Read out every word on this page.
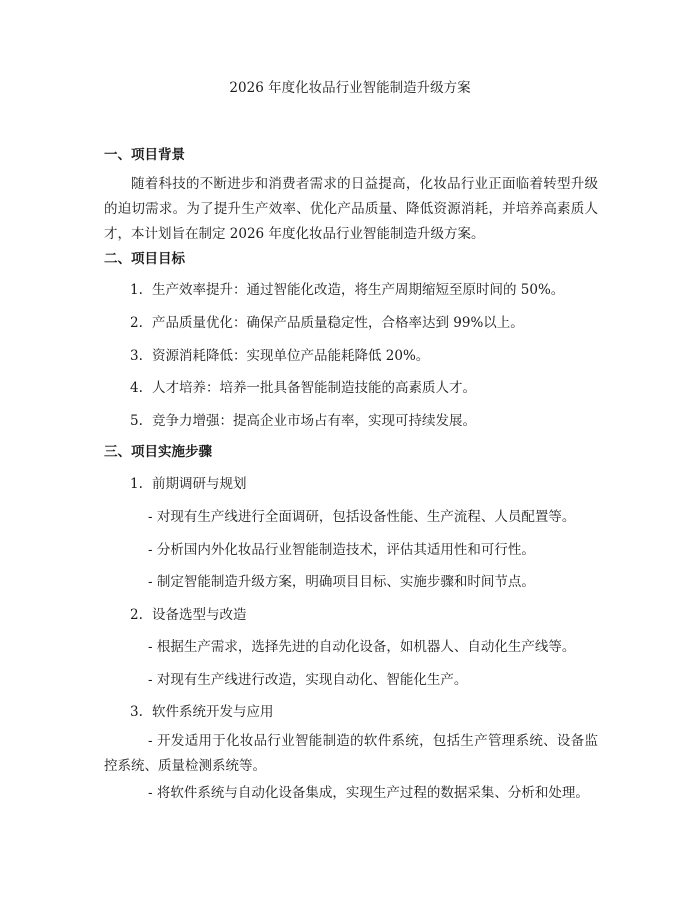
2026 年度化妆品行业智能制造升级方案
一、项目背景

随着科技的不断进步和消费者需求的日益提高，化妆品行业正面临着转型升级的迫切需求。为了提升生产效率、优化产品质量、降低资源消耗，并培养高素质人才，本计划旨在制定 2026 年度化妆品行业智能制造升级方案。

二、项目目标
1. 生产效率提升：通过智能化改造，将生产周期缩短至原时间的 50%。
2. 产品质量优化：确保产品质量稳定性，合格率达到 99%以上。
3. 资源消耗降低：实现单位产品能耗降低 20%。
4. 人才培养：培养一批具备智能制造技能的高素质人才。
5. 竞争力增强：提高企业市场占有率，实现可持续发展。
三、项目实施步骤
1. 前期调研与规划
- 对现有生产线进行全面调研，包括设备性能、生产流程、人员配置等。
- 分析国内外化妆品行业智能制造技术，评估其适用性和可行性。
- 制定智能制造升级方案，明确项目目标、实施步骤和时间节点。
2. 设备选型与改造
- 根据生产需求，选择先进的自动化设备，如机器人、自动化生产线等。
- 对现有生产线进行改造，实现自动化、智能化生产。
3. 软件系统开发与应用

- 开发适用于化妆品行业智能制造的软件系统，包括生产管理系统、设备监控系统、质量检测系统等。

- 将软件系统与自动化设备集成，实现生产过程的数据采集、分析和处理。
